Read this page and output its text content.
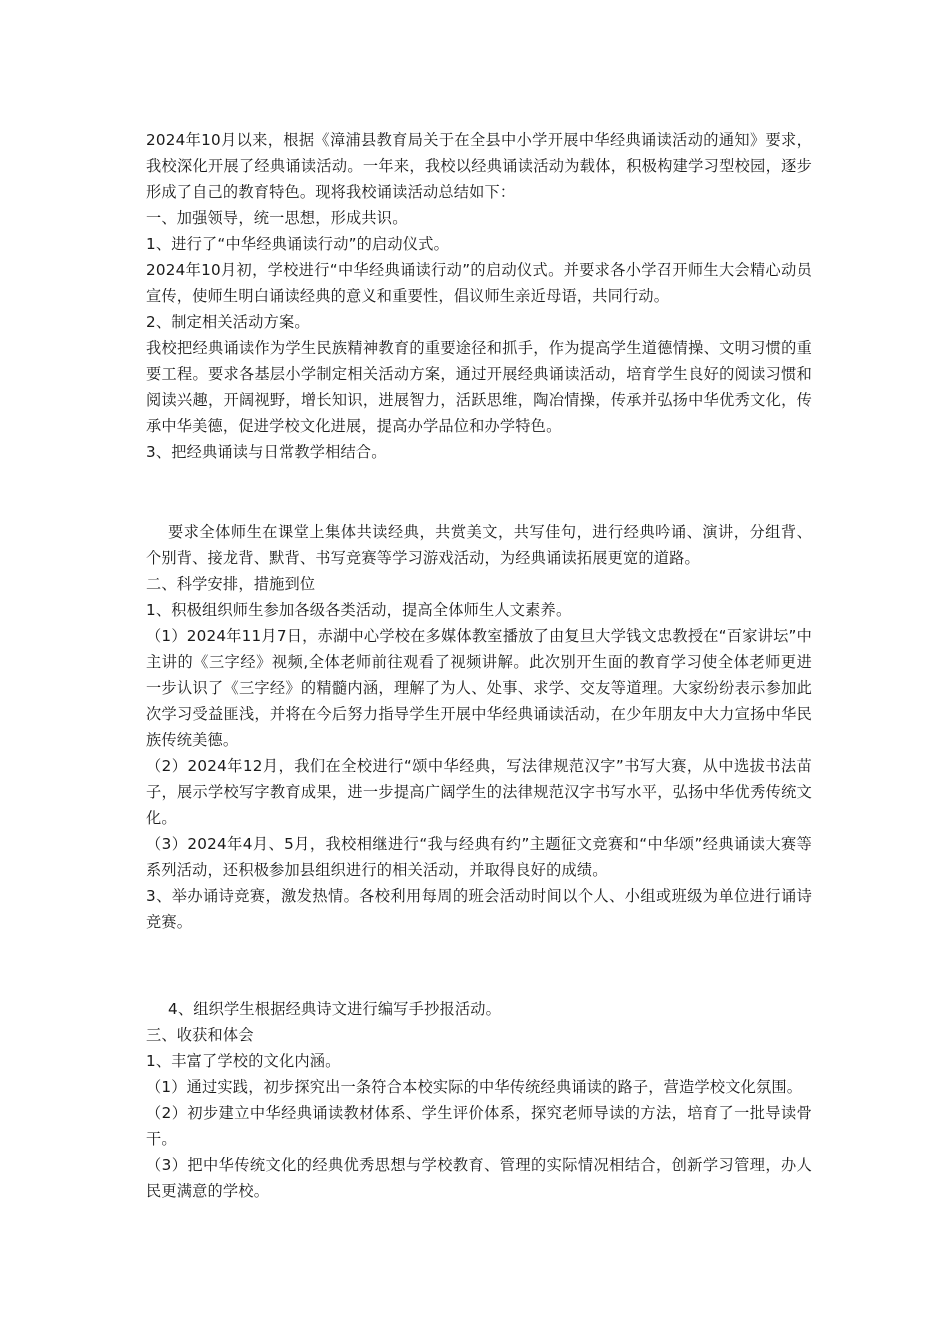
2024年10月以来，根据《漳浦县教育局关于在全县中小学开展中华经典诵读活动的通知》要求，我校深化开展了经典诵读活动。一年来，我校以经典诵读活动为载体，积极构建学习型校园，逐步形成了自己的教育特色。现将我校诵读活动总结如下：

一、加强领导，统一思想，形成共识。

1、进行了“中华经典诵读行动”的启动仪式。

2024年10月初，学校进行“中华经典诵读行动”的启动仪式。并要求各小学召开师生大会精心动员宣传，使师生明白诵读经典的意义和重要性，倡议师生亲近母语，共同行动。

2、制定相关活动方案。

我校把经典诵读作为学生民族精神教育的重要途径和抓手，作为提高学生道德情操、文明习惯的重要工程。要求各基层小学制定相关活动方案，通过开展经典诵读活动，培育学生良好的阅读习惯和阅读兴趣，开阔视野，增长知识，进展智力，活跃思维，陶冶情操，传承并弘扬中华优秀文化，传承中华美德，促进学校文化进展，提高办学品位和办学特色。

3、把经典诵读与日常教学相结合。

要求全体师生在课堂上集体共读经典，共赏美文，共写佳句，进行经典吟诵、演讲，分组背、个别背、接龙背、默背、书写竞赛等学习游戏活动，为经典诵读拓展更宽的道路。

二、科学安排，措施到位

1、积极组织师生参加各级各类活动，提高全体师生人文素养。

（1）2024年11月7日，赤湖中心学校在多媒体教室播放了由复旦大学钱文忠教授在“百家讲坛”中主讲的《三字经》视频,全体老师前往观看了视频讲解。此次别开生面的教育学习使全体老师更进一步认识了《三字经》的精髓内涵，理解了为人、处事、求学、交友等道理。大家纷纷表示参加此次学习受益匪浅，并将在今后努力指导学生开展中华经典诵读活动，在少年朋友中大力宣扬中华民族传统美德。

（2）2024年12月，我们在全校进行“颂中华经典，写法律规范汉字”书写大赛，从中选拔书法苗子，展示学校写字教育成果，进一步提高广阔学生的法律规范汉字书写水平，弘扬中华优秀传统文化。

（3）2024年4月、5月，我校相继进行“我与经典有约”主题征文竞赛和“中华颂”经典诵读大赛等系列活动，还积极参加县组织进行的相关活动，并取得良好的成绩。

3、举办诵诗竞赛，激发热情。各校利用每周的班会活动时间以个人、小组或班级为单位进行诵诗竞赛。

4、组织学生根据经典诗文进行编写手抄报活动。

三、收获和体会

1、丰富了学校的文化内涵。

（1）通过实践，初步探究出一条符合本校实际的中华传统经典诵读的路子，营造学校文化氛围。

（2）初步建立中华经典诵读教材体系、学生评价体系，探究老师导读的方法，培育了一批导读骨干。

（3）把中华传统文化的经典优秀思想与学校教育、管理的实际情况相结合，创新学习管理，办人民更满意的学校。
